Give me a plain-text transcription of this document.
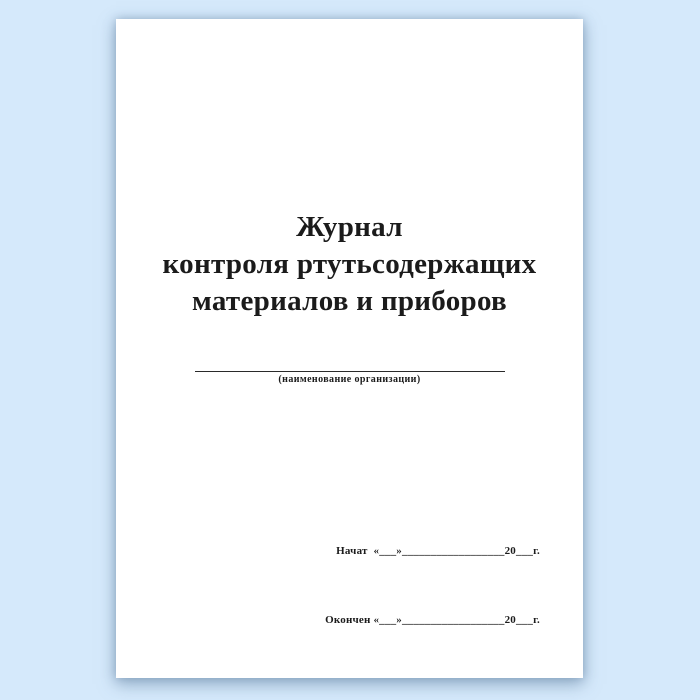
Журнал
контроля ртутьсодержащих
материалов и приборов
(наименование организации)

Начат  «___»__________________20___г.

Окончен «___»__________________20___г.
